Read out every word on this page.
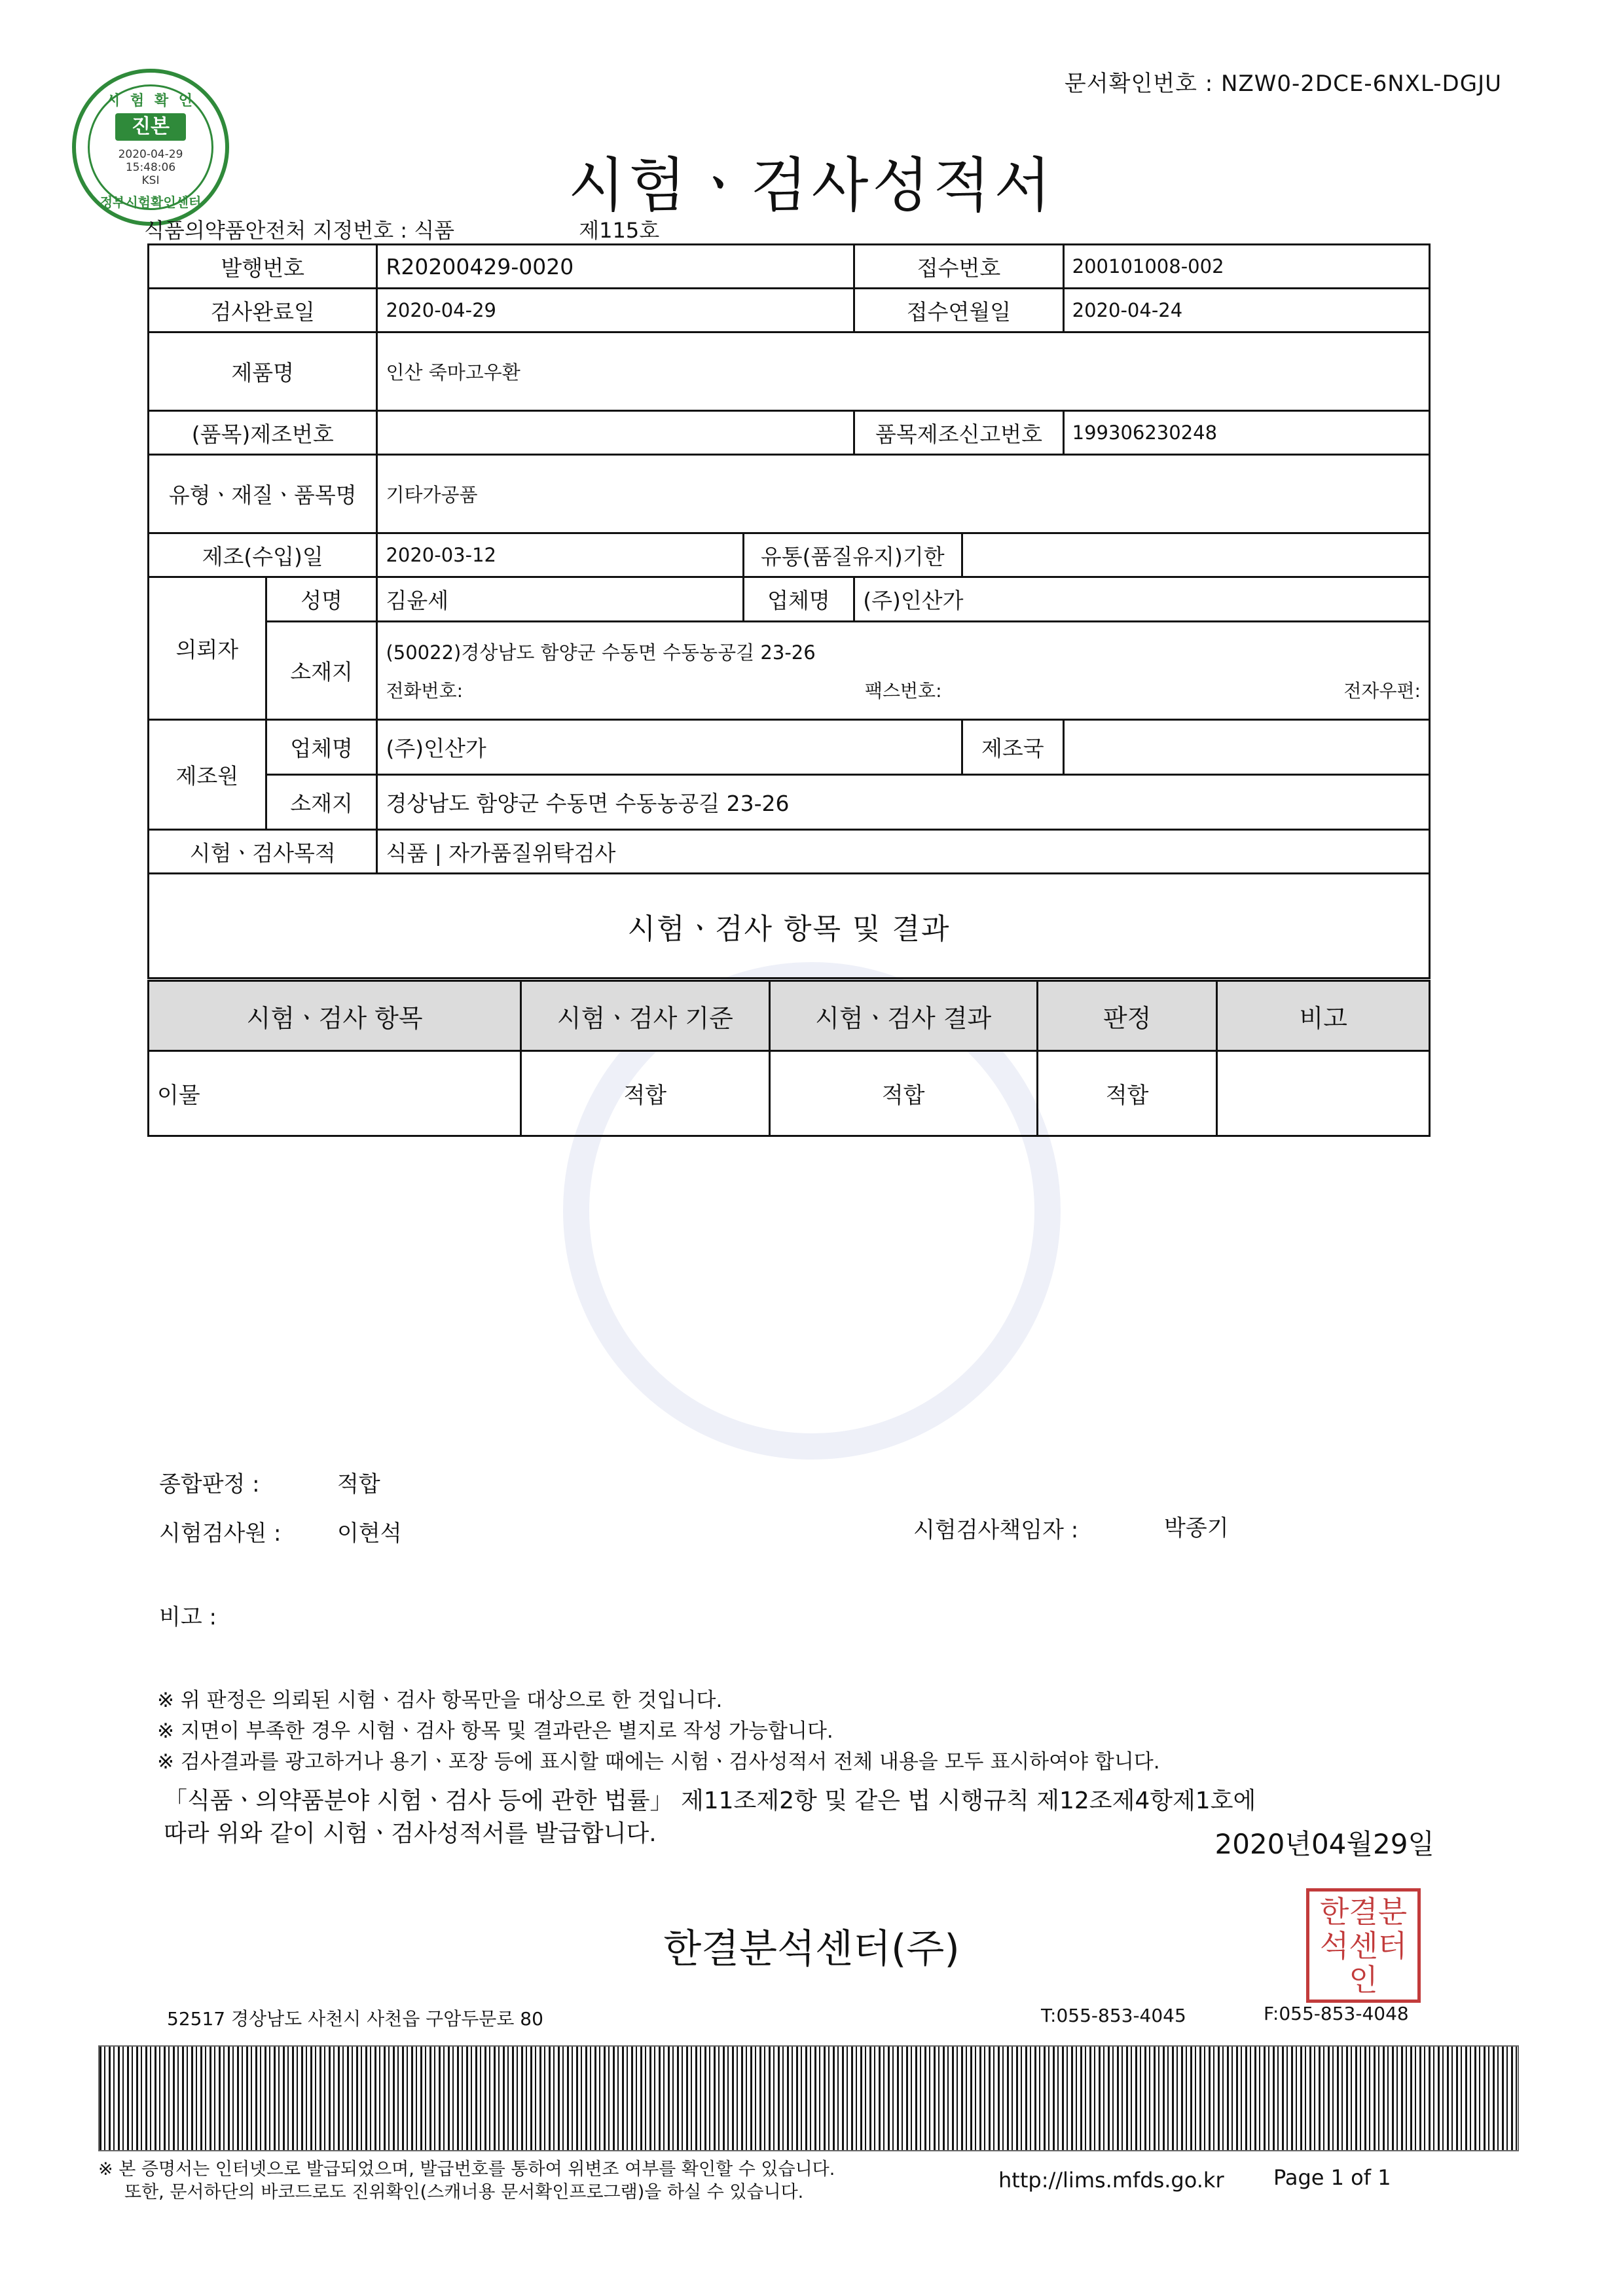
문서확인번호 : NZW0-2DCE-6NXL-DGJU
시 험 확 인
진본
2020-04-29
15:48:06
KSI
정부시험확인센터	시험ㆍ검사성적서
식품의약품안전처 지정번호 : 식품	제115호
발행번호		R20200429-0020		접수번호		200101008-002
검사완료일		2020-04-29		접수연월일		2020-04-24
제품명		인산 죽마고우환				
(품목)제조번호				품목제조신고번호		199306230248
유형ㆍ재질ㆍ품목명		기타가공품				
제조(수입)일		2020-03-12	유통(품질유지)기한			
의뢰자	성명	김윤세	업체명	(주)인산가		
	소재지	(50022)경상남도 함양군 수동면 수동농공길 23-26
전화번호: 팩스번호: 전자우편:				

제조원	업체명	(주)인산가			제조국	
	소재지	경상남도 함양군 수동면 수동농공길 23-26				
시험ㆍ검사목적		식품 | 자가품질위탁검사				
시험ㆍ검사 항목 및 결과						
시험ㆍ검사 항목	시험ㆍ검사 기준	시험ㆍ검사 결과	판정	비고
이물	적합	적합	적합	
종합판정 :	적합
시험검사원 :	이현석	시험검사책임자 :	박종기
비고 :
※ 위 판정은 의뢰된 시험ㆍ검사 항목만을 대상으로 한 것입니다.
※ 지면이 부족한 경우 시험ㆍ검사 항목 및 결과란은 별지로 작성 가능합니다.
※ 검사결과를 광고하거나 용기ㆍ포장 등에 표시할 때에는 시험ㆍ검사성적서 전체 내용을 모두 표시하여야 합니다.
「식품ㆍ의약품분야 시험ㆍ검사 등에 관한 법률」 제11조제2항 및 같은 법 시행규칙 제12조제4항제1호에
따라 위와 같이 시험ㆍ검사성적서를 발급합니다.	2020년04월29일
한결분석센터(주)
한결분석센터인
52517 경상남도 사천시 사천읍 구암두문로 80	T:055-853-4045	F:055-853-4048
※ 본 증명서는 인터넷으로 발급되었으며, 발급번호를 통하여 위변조 여부를 확인할 수 있습니다.
또한, 문서하단의 바코드로도 진위확인(스캐너용 문서확인프로그램)을 하실 수 있습니다.	http://lims.mfds.go.kr Page 1 of 1
